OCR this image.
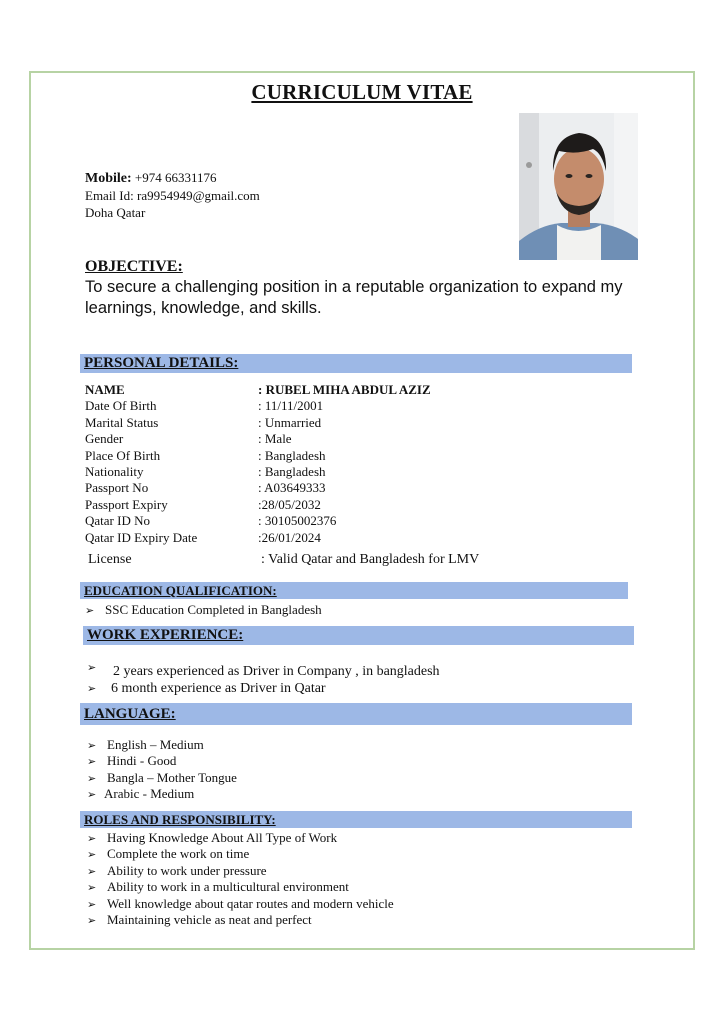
CURRICULUM VITAE
Mobile: +974 66331176
Email Id: ra9954949@gmail.com
Doha Qatar
OBJECTIVE:
To secure a challenging position in a reputable organization to expand my learnings, knowledge, and skills.
PERSONAL DETAILS:
NAME	: RUBEL MIHA ABDUL AZIZ
Date Of Birth	: 11/11/2001
Marital Status	: Unmarried
Gender	: Male
Place Of Birth	: Bangladesh
Nationality	: Bangladesh
Passport No	: A03649333
Passport Expiry	:28/05/2032
Qatar ID No	: 30105002376
Qatar ID Expiry Date	:26/01/2024
License	: Valid Qatar and Bangladesh for LMV
EDUCATION QUALIFICATION:
➢ SSC Education Completed in Bangladesh
WORK EXPERIENCE:
➢ 2 years experienced as Driver in Company , in bangladesh
➢ 6 month experience as Driver in Qatar
LANGUAGE:
➢ English – Medium
➢ Hindi - Good
➢ Bangla – Mother Tongue
➢ Arabic - Medium
ROLES AND RESPONSIBILITY:
➢ Having Knowledge About All Type of Work
➢ Complete the work on time
➢ Ability to work under pressure
➢ Ability to work in a multicultural environment
➢ Well knowledge about qatar routes and modern vehicle
➢ Maintaining vehicle as neat and perfect
